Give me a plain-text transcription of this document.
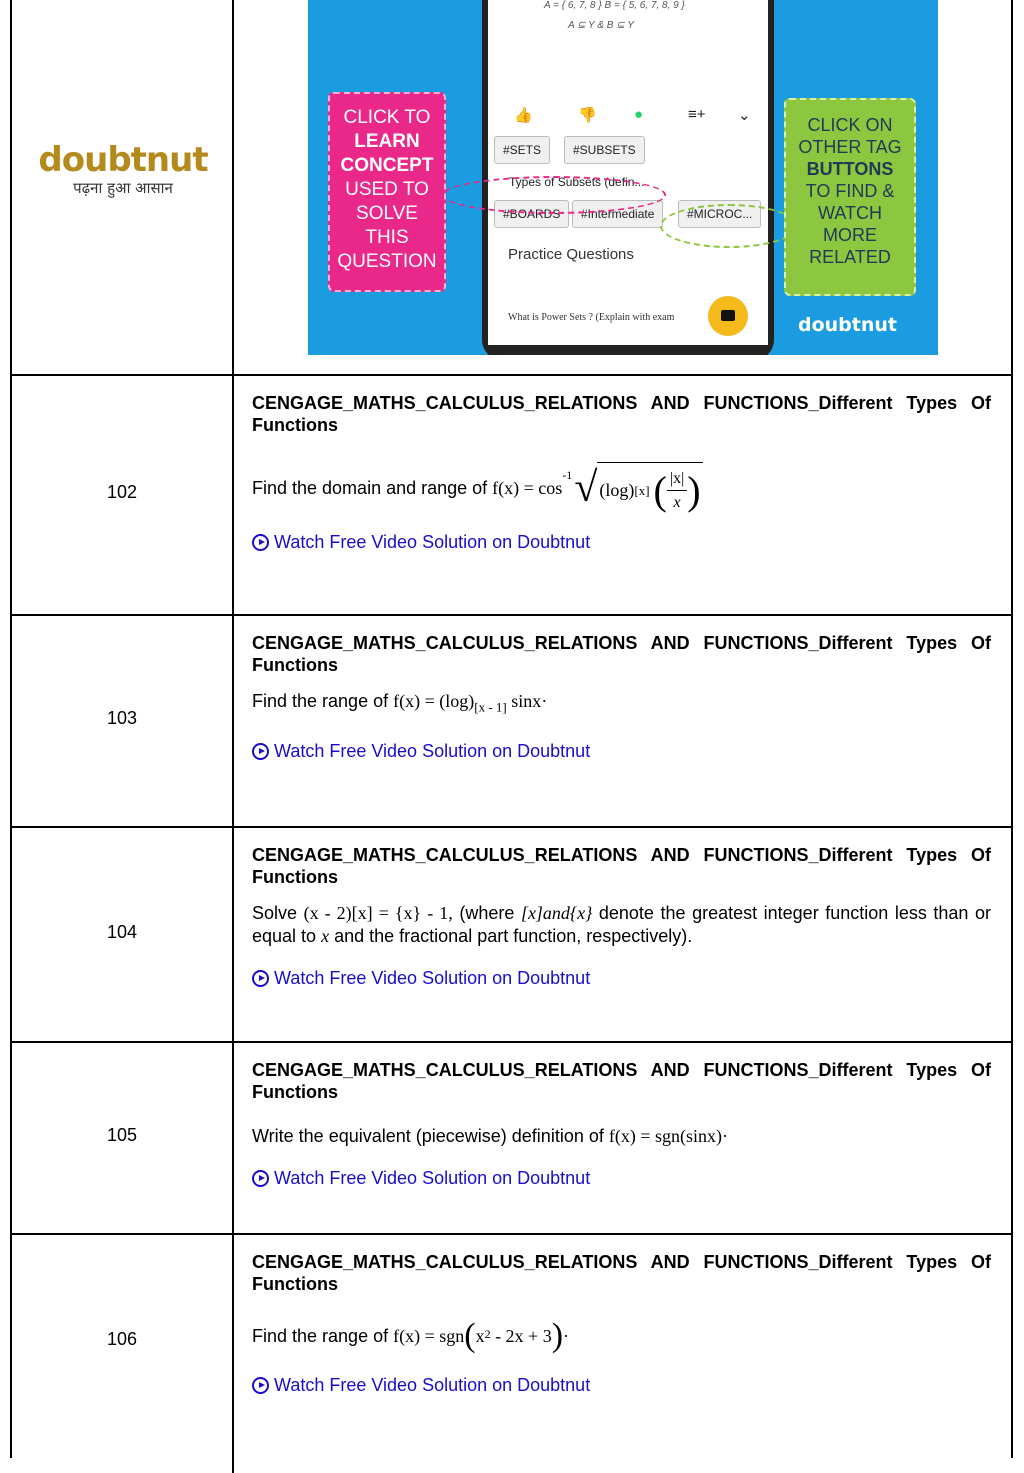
doubtnut
पढ़ना हुआ आसान
A = { 6, 7, 8 } B = { 5, 6, 7, 8, 9 }
A ⊆ Y & B ⊆ Y
👍	👎 ●	≡+ ⌄
#SETS	#SUBSETS
Types of Subsets (defin...
#BOARDS	#Intermediate	#MICROC...
Practice Questions
What is Power Sets ? (Explain with exam
CLICK TO
LEARN
CONCEPT
USED TO
SOLVE
THIS
QUESTION
CLICK ON
OTHER TAG
BUTTONS
TO FIND &
WATCH
MORE
RELATED
doubtnut
102
CENGAGE_MATHS_CALCULUS_RELATIONS AND FUNCTIONS_Different Types Of Functions
Find the domain and range of f(x) = cos
$^{-1}$ √ (log) [x] ( |x|
x )
Watch Free Video Solution on Doubtnut
103
CENGAGE_MATHS_CALCULUS_RELATIONS AND FUNCTIONS_Different Types Of Functions
Find the range of $f(x) = (\log)_{[x - 1]}$ sinx·
Watch Free Video Solution on Doubtnut
104
CENGAGE_MATHS_CALCULUS_RELATIONS AND FUNCTIONS_Different Types Of Functions
Solve (x - 2)[x] = {x} - 1, (where [x]and{x} denote the greatest integer function less than or equal to x and the fractional part function, respectively).
Watch Free Video Solution on Doubtnut
105
CENGAGE_MATHS_CALCULUS_RELATIONS AND FUNCTIONS_Different Types Of Functions
Write the equivalent (piecewise) definition of f(x) = sgn(sinx)·
Watch Free Video Solution on Doubtnut
106
CENGAGE_MATHS_CALCULUS_RELATIONS AND FUNCTIONS_Different Types Of Functions
Find the range of f(x) = sgn ( x 2 - 2x + 3 ) ·
Watch Free Video Solution on Doubtnut
